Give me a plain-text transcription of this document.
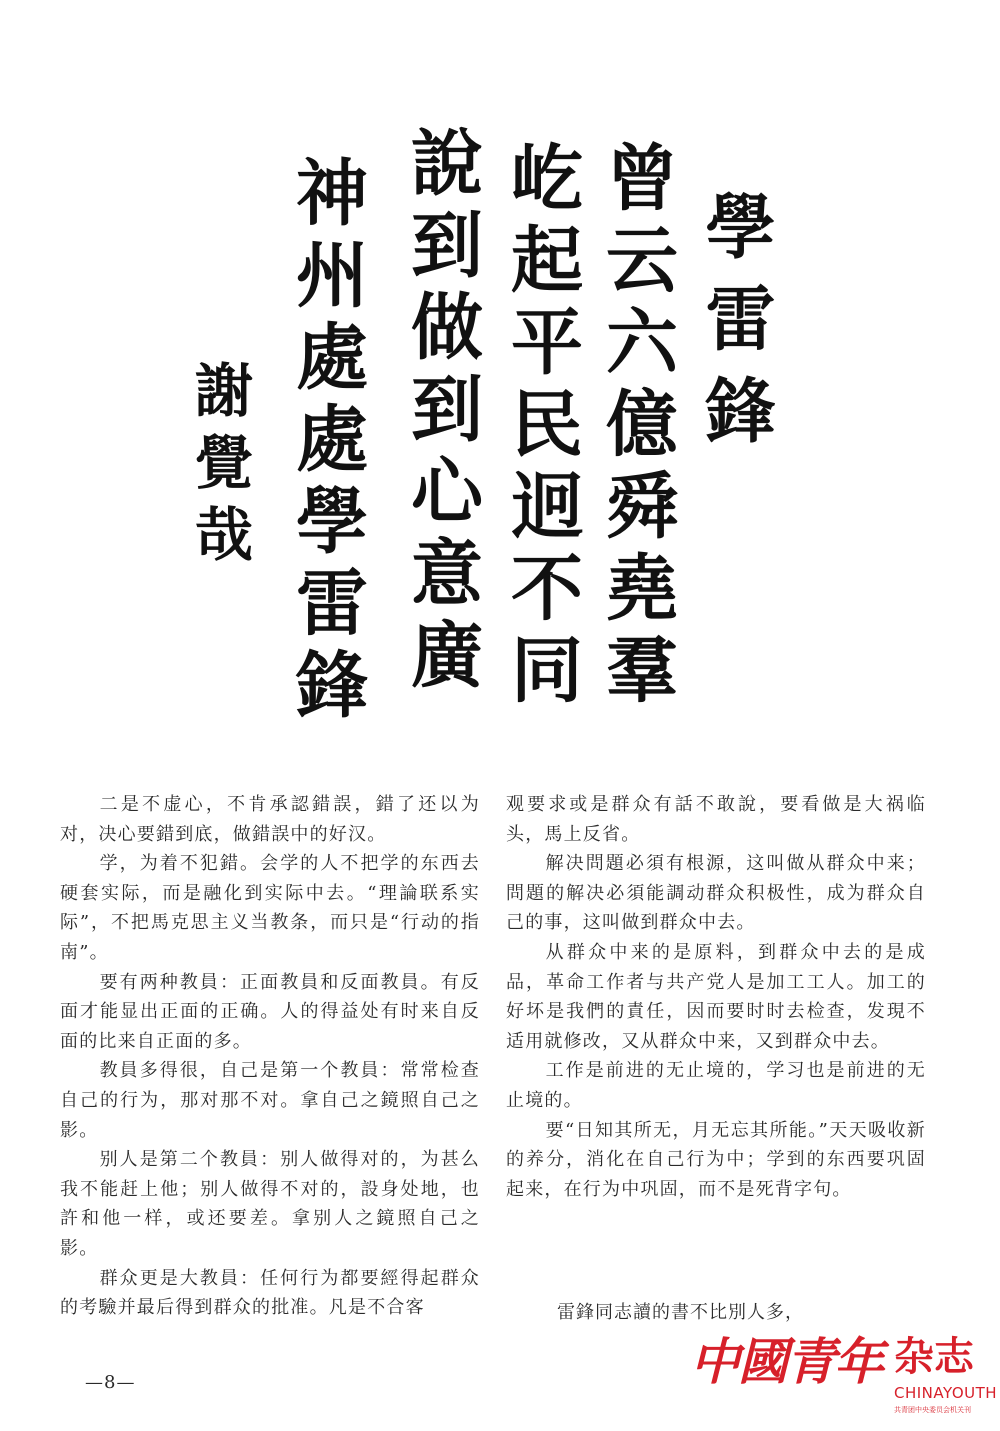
學雷鋒
曾云六億舜堯羣
屹起平民迥不同
說到做到心意廣
神州處處學雷鋒
謝覺哉

二是不虚心，不肯承認錯誤，錯了还以为对，决心要錯到底，做錯誤中的好汉。

学，为着不犯錯。会学的人不把学的东西去硬套实际，而是融化到实际中去。“理論联系实际”，不把馬克思主义当教条，而只是“行动的指南”。

要有两种教員：正面教員和反面教員。有反面才能显出正面的正确。人的得益处有时来自反面的比来自正面的多。

教員多得很，自己是第一个教員：常常检查自己的行为，那对那不对。拿自己之鏡照自己之影。

别人是第二个教員：别人做得对的，为甚么我不能赶上他；别人做得不对的，設身处地，也許和他一样，或还要差。拿别人之鏡照自己之影。

群众更是大教員：任何行为都要經得起群众的考驗并最后得到群众的批准。凡是不合客

观要求或是群众有話不敢說，要看做是大祸临头，馬上反省。

解决問題必須有根源，这叫做从群众中来；問題的解决必須能調动群众积极性，成为群众自己的事，这叫做到群众中去。

从群众中来的是原料，到群众中去的是成品，革命工作者与共产党人是加工工人。加工的好坏是我們的責任，因而要时时去检查，发現不适用就修改，又从群众中来，又到群众中去。

工作是前进的无止境的，学习也是前进的无止境的。

要“日知其所无，月无忘其所能。”天天吸收新的养分，消化在自己行为中；学到的东西要巩固起来，在行为中巩固，而不是死背字句。

雷鋒同志讀的書不比別人多，
—8—	中國青年 杂志
CHINAYOUTH
共青团中央委员会机关刊
